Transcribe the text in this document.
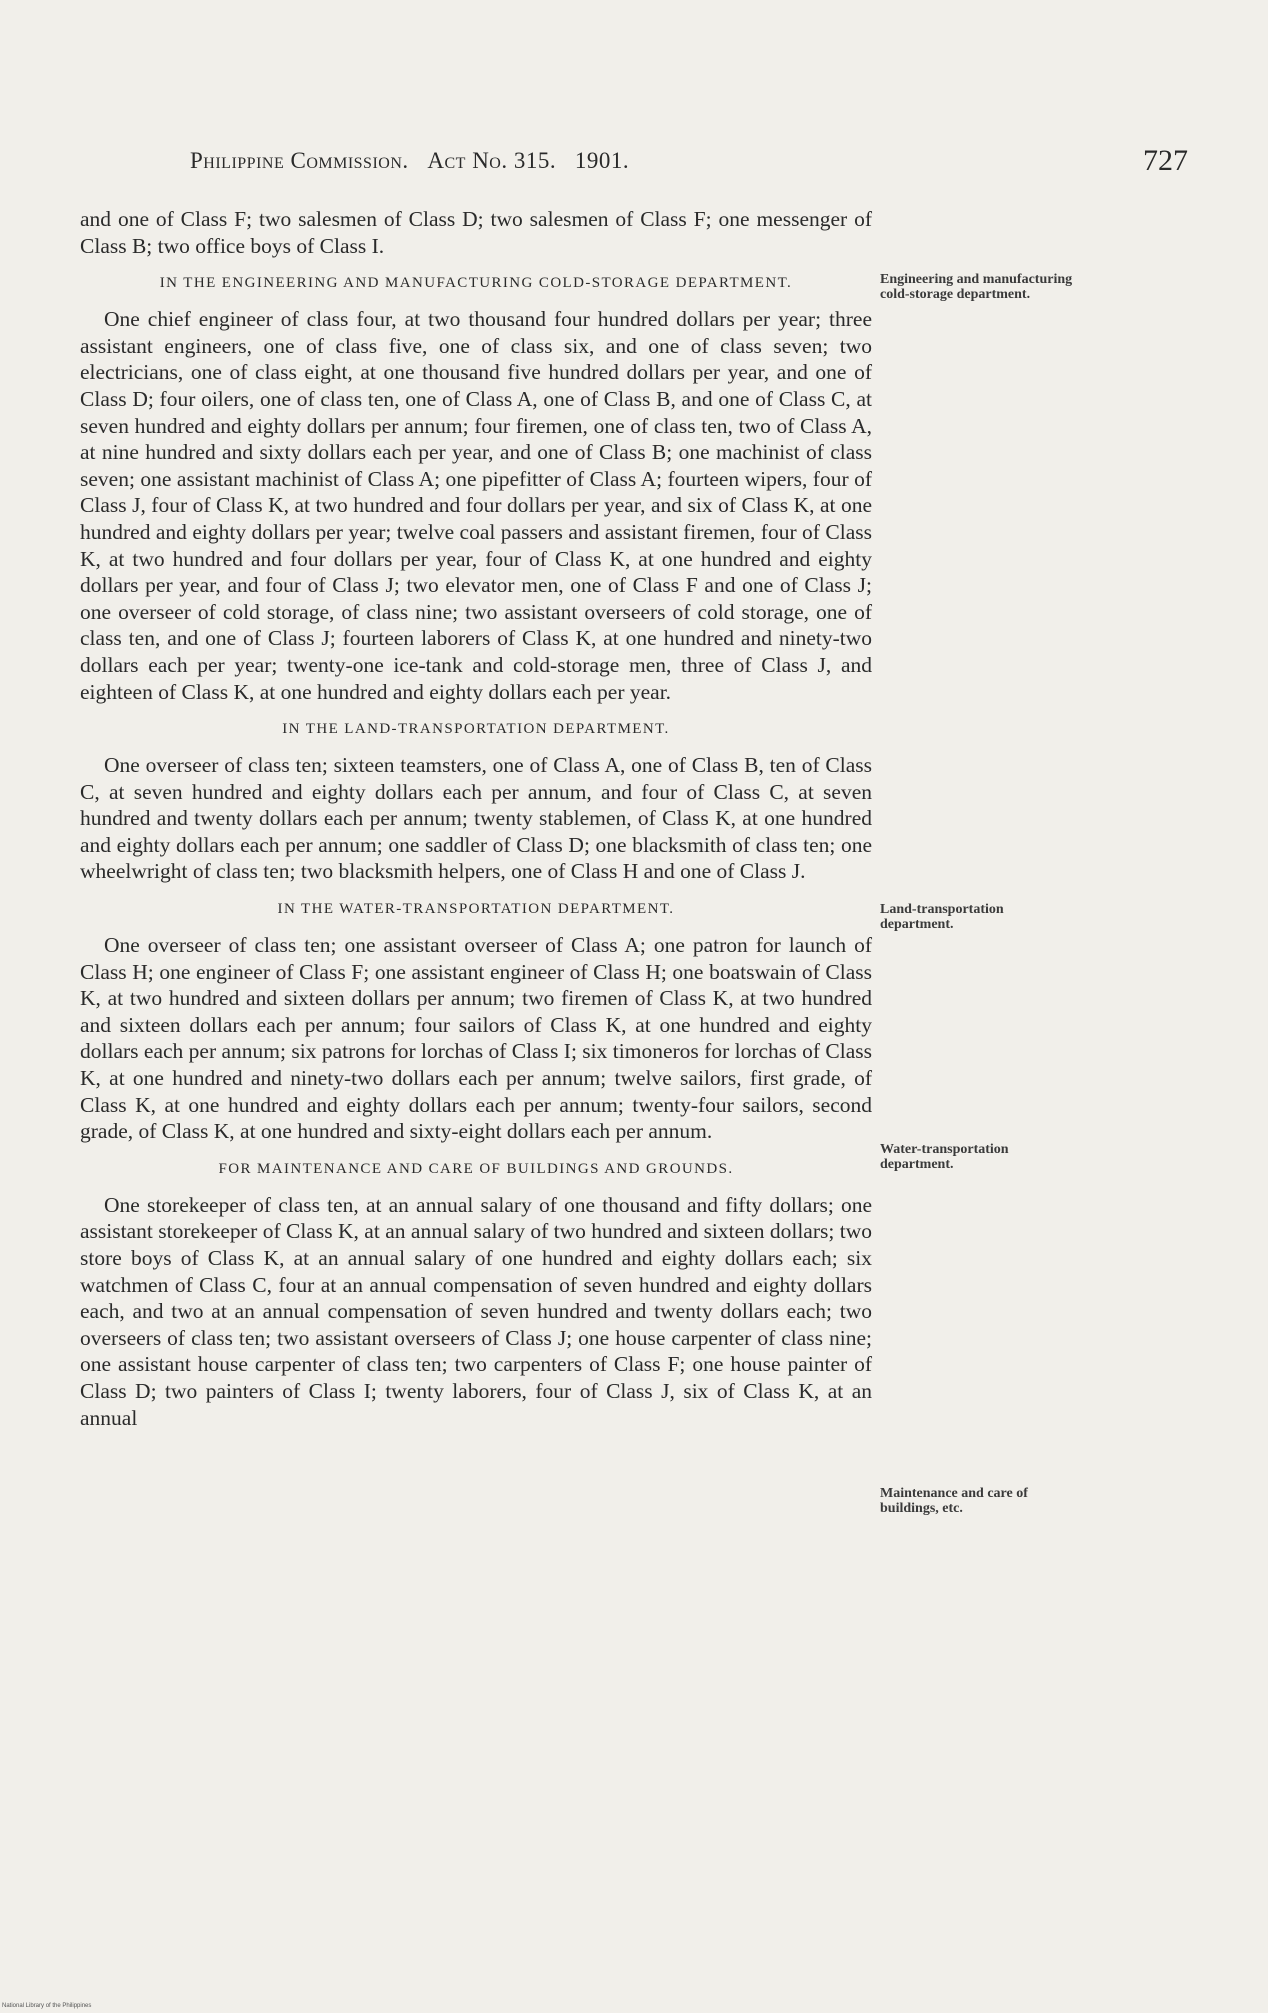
Philippine Commission. Act No. 315. 1901.	727

and one of Class F; two salesmen of Class D; two salesmen of Class F; one messenger of Class B; two office boys of Class I.

IN THE ENGINEERING AND MANUFACTURING COLD-STORAGE DEPARTMENT.

One chief engineer of class four, at two thousand four hundred dollars per year; three assistant engineers, one of class five, one of class six, and one of class seven; two electricians, one of class eight, at one thousand five hundred dollars per year, and one of Class D; four oilers, one of class ten, one of Class A, one of Class B, and one of Class C, at seven hundred and eighty dollars per annum; four firemen, one of class ten, two of Class A, at nine hundred and sixty dollars each per year, and one of Class B; one machinist of class seven; one assistant machinist of Class A; one pipefitter of Class A; fourteen wipers, four of Class J, four of Class K, at two hundred and four dollars per year, and six of Class K, at one hundred and eighty dollars per year; twelve coal passers and assistant firemen, four of Class K, at two hundred and four dollars per year, four of Class K, at one hundred and eighty dollars per year, and four of Class J; two elevator men, one of Class F and one of Class J; one overseer of cold storage, of class nine; two assistant overseers of cold storage, one of class ten, and one of Class J; fourteen laborers of Class K, at one hundred and ninety-two dollars each per year; twenty-one ice-tank and cold-storage men, three of Class J, and eighteen of Class K, at one hundred and eighty dollars each per year.

IN THE LAND-TRANSPORTATION DEPARTMENT.

One overseer of class ten; sixteen teamsters, one of Class A, one of Class B, ten of Class C, at seven hundred and eighty dollars each per annum, and four of Class C, at seven hundred and twenty dollars each per annum; twenty stablemen, of Class K, at one hundred and eighty dollars each per annum; one saddler of Class D; one blacksmith of class ten; one wheelwright of class ten; two blacksmith helpers, one of Class H and one of Class J.

IN THE WATER-TRANSPORTATION DEPARTMENT.

One overseer of class ten; one assistant overseer of Class A; one patron for launch of Class H; one engineer of Class F; one assistant engineer of Class H; one boatswain of Class K, at two hundred and sixteen dollars per annum; two firemen of Class K, at two hundred and sixteen dollars each per annum; four sailors of Class K, at one hundred and eighty dollars each per annum; six patrons for lorchas of Class I; six timoneros for lorchas of Class K, at one hundred and ninety-two dollars each per annum; twelve sailors, first grade, of Class K, at one hundred and eighty dollars each per annum; twenty-four sailors, second grade, of Class K, at one hundred and sixty-eight dollars each per annum.

FOR MAINTENANCE AND CARE OF BUILDINGS AND GROUNDS.

One storekeeper of class ten, at an annual salary of one thousand and fifty dollars; one assistant storekeeper of Class K, at an annual salary of two hundred and sixteen dollars; two store boys of Class K, at an annual salary of one hundred and eighty dollars each; six watchmen of Class C, four at an annual compensation of seven hundred and eighty dollars each, and two at an annual compensation of seven hundred and twenty dollars each; two overseers of class ten; two assistant overseers of Class J; one house carpenter of class nine; one assistant house carpenter of class ten; two carpenters of Class F; one house painter of Class D; two painters of Class I; twenty laborers, four of Class J, six of Class K, at an annual

Engineering and manufacturing cold-storage department.
Land-transportation department.
Water-transportation department.
Maintenance and care of buildings, etc.
National Library of the Philippines
